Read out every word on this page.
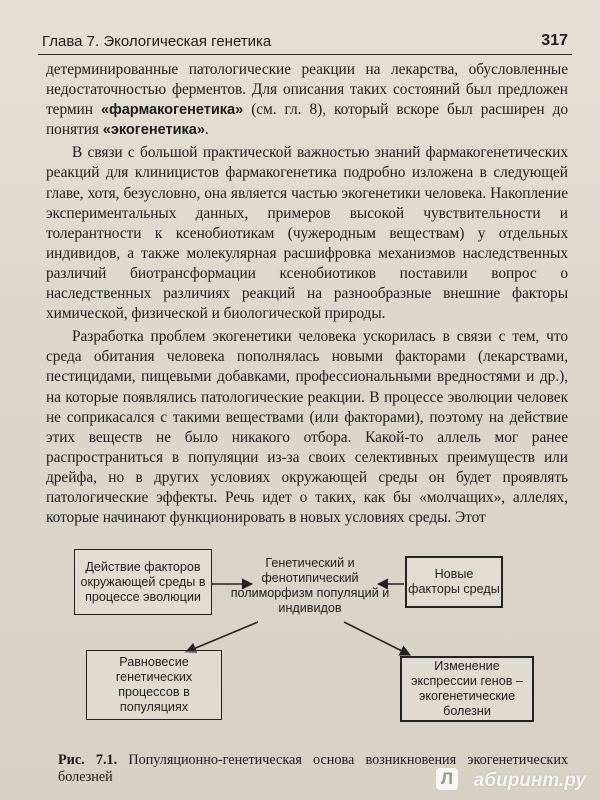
Глава 7. Экологическая генетика	317

детерминированные патологические реакции на лекарства, обусловленные недостаточностью ферментов. Для описания таких состояний был предложен термин «фармакогенетика» (см. гл. 8), который вскоре был расширен до понятия «экогенетика».

В связи с большой практической важностью знаний фармакогенетических реакций для клиницистов фармакогенетика подробно изложена в следующей главе, хотя, безусловно, она является частью экогенетики человека. Накопление экспериментальных данных, примеров высокой чувствительности и толерантности к ксенобиотикам (чужеродным веществам) у отдельных индивидов, а также молекулярная расшифровка механизмов наследственных различий биотрансформации ксенобиотиков поставили вопрос о наследственных различиях реакций на разнообразные внешние факторы химической, физической и биологической природы.

Разработка проблем экогенетики человека ускорилась в связи с тем, что среда обитания человека пополнялась новыми факторами (лекарствами, пестицидами, пищевыми добавками, профессиональными вредностями и др.), на которые появлялись патологические реакции. В процессе эволюции человек не соприкасался с такими веществами (или факторами), поэтому на действие этих веществ не было никакого отбора. Какой-то аллель мог ранее распространиться в популяции из-за своих селективных преимуществ или дрейфа, но в других условиях окружающей среды он будет проявлять патологические эффекты. Речь идет о таких, как бы «молчащих», аллелях, которые начинают функционировать в новых условиях среды. Этот

Действие факторов окружающей среды в процессе эволюции
Генетический и фенотипический полиморфизм популяций и индивидов
Новые факторы среды
Равновесие генетических процессов в популяциях
Изменение экспрессии генов – экогенетические болезни
Рис. 7.1. Популяционно-генетическая основа возникновения экогенетических болезней	Л абиринт.ру
